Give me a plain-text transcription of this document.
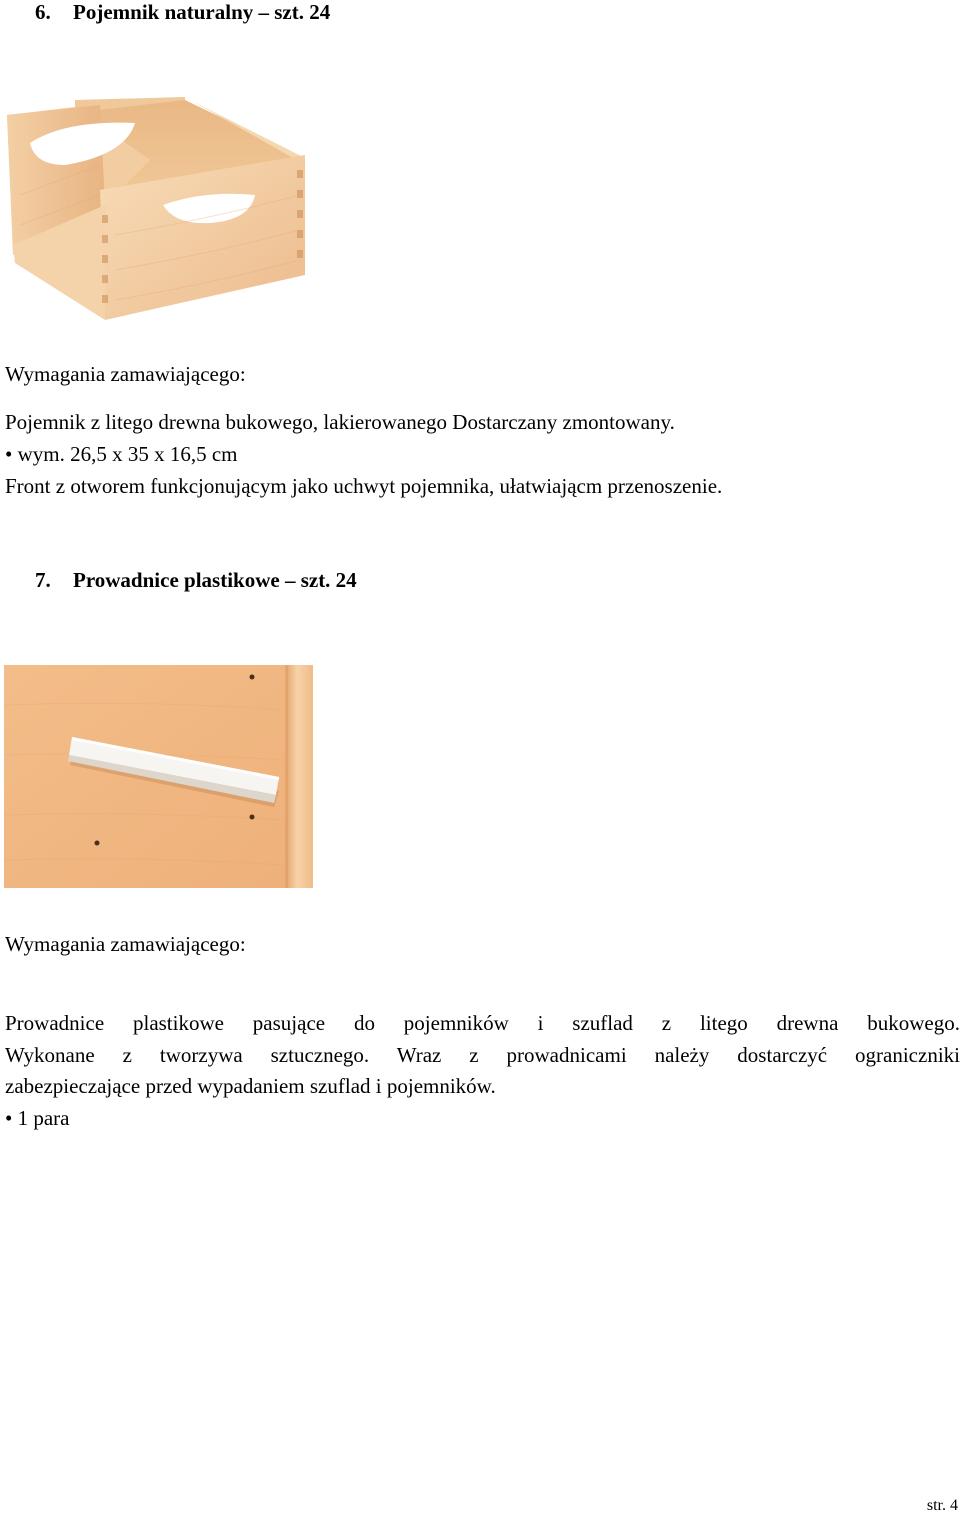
6. Pojemnik naturalny – szt. 24
Wymagania zamawiającego:
Pojemnik z litego drewna bukowego, lakierowanego Dostarczany zmontowany.
• wym. 26,5 x 35 x 16,5 cm
Front z otworem funkcjonującym jako uchwyt pojemnika, ułatwiającm przenoszenie.
7. Prowadnice plastikowe – szt. 24
Wymagania zamawiającego:
Prowadnice plastikowe pasujące do pojemników i szuflad z litego drewna bukowego.
Wykonane z tworzywa sztucznego. Wraz z prowadnicami należy dostarczyć ograniczniki
zabezpieczające przed wypadaniem szuflad i pojemników.
• 1 para
str. 4
